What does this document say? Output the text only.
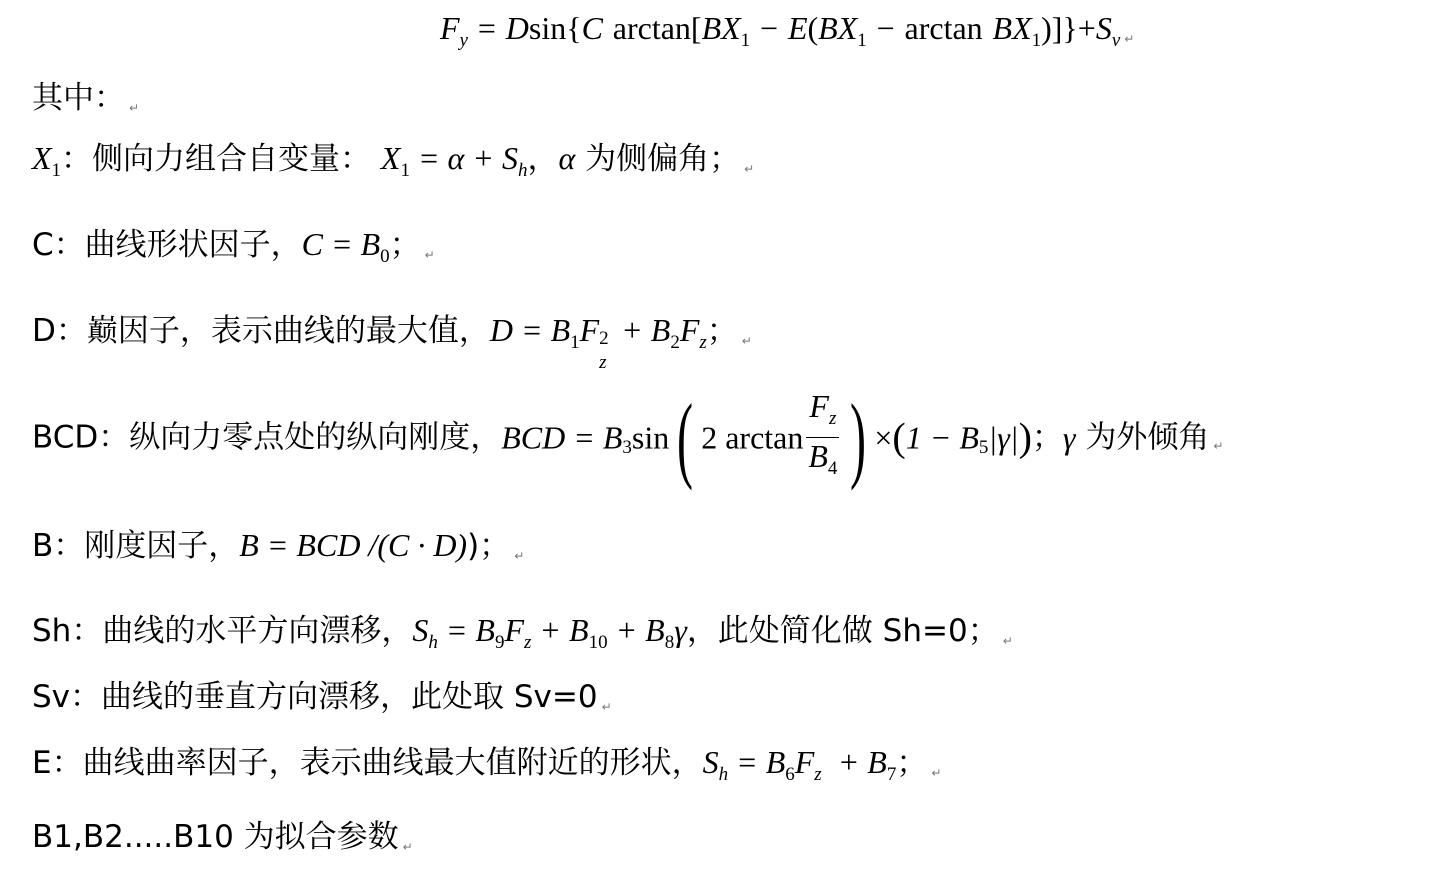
$F_y = Dsin\{C$ $\arctan[BX_1 - E(BX_1 - \arctan BX_1)]\}+S_v$ ↵
其中： ↵
$X_1$：侧向力组合自变量： $X_1 = \alpha + S_h$，α 为侧偏角； ↵
C：曲线形状因子，$C = B_0$； ↵
D：巅因子，表示曲线的最大值，$D = B_1F$ 2
z
+ $B_2F_z$； ↵
BCD：纵向力零点处的纵向刚度，BCD = $B_3\sin$( 2 $\arctan \frac{F_z}{B_4}$ ) $\times(1 - B_5|\gamma|)$；γ 为外倾角 ↵
B：刚度因子，B = BCD /(C · D))； ↵
Sh：曲线的水平方向漂移，$S_h = B_9F_z + B_{10} + B_8\gamma$，此处简化做 Sh=0； ↵
Sv：曲线的垂直方向漂移，此处取 Sv=0 ↵
E：曲线曲率因子，表示曲线最大值附近的形状，$S_h = B_6F_z + B_7$； ↵
B1,B2.....B10 为拟合参数 ↵
